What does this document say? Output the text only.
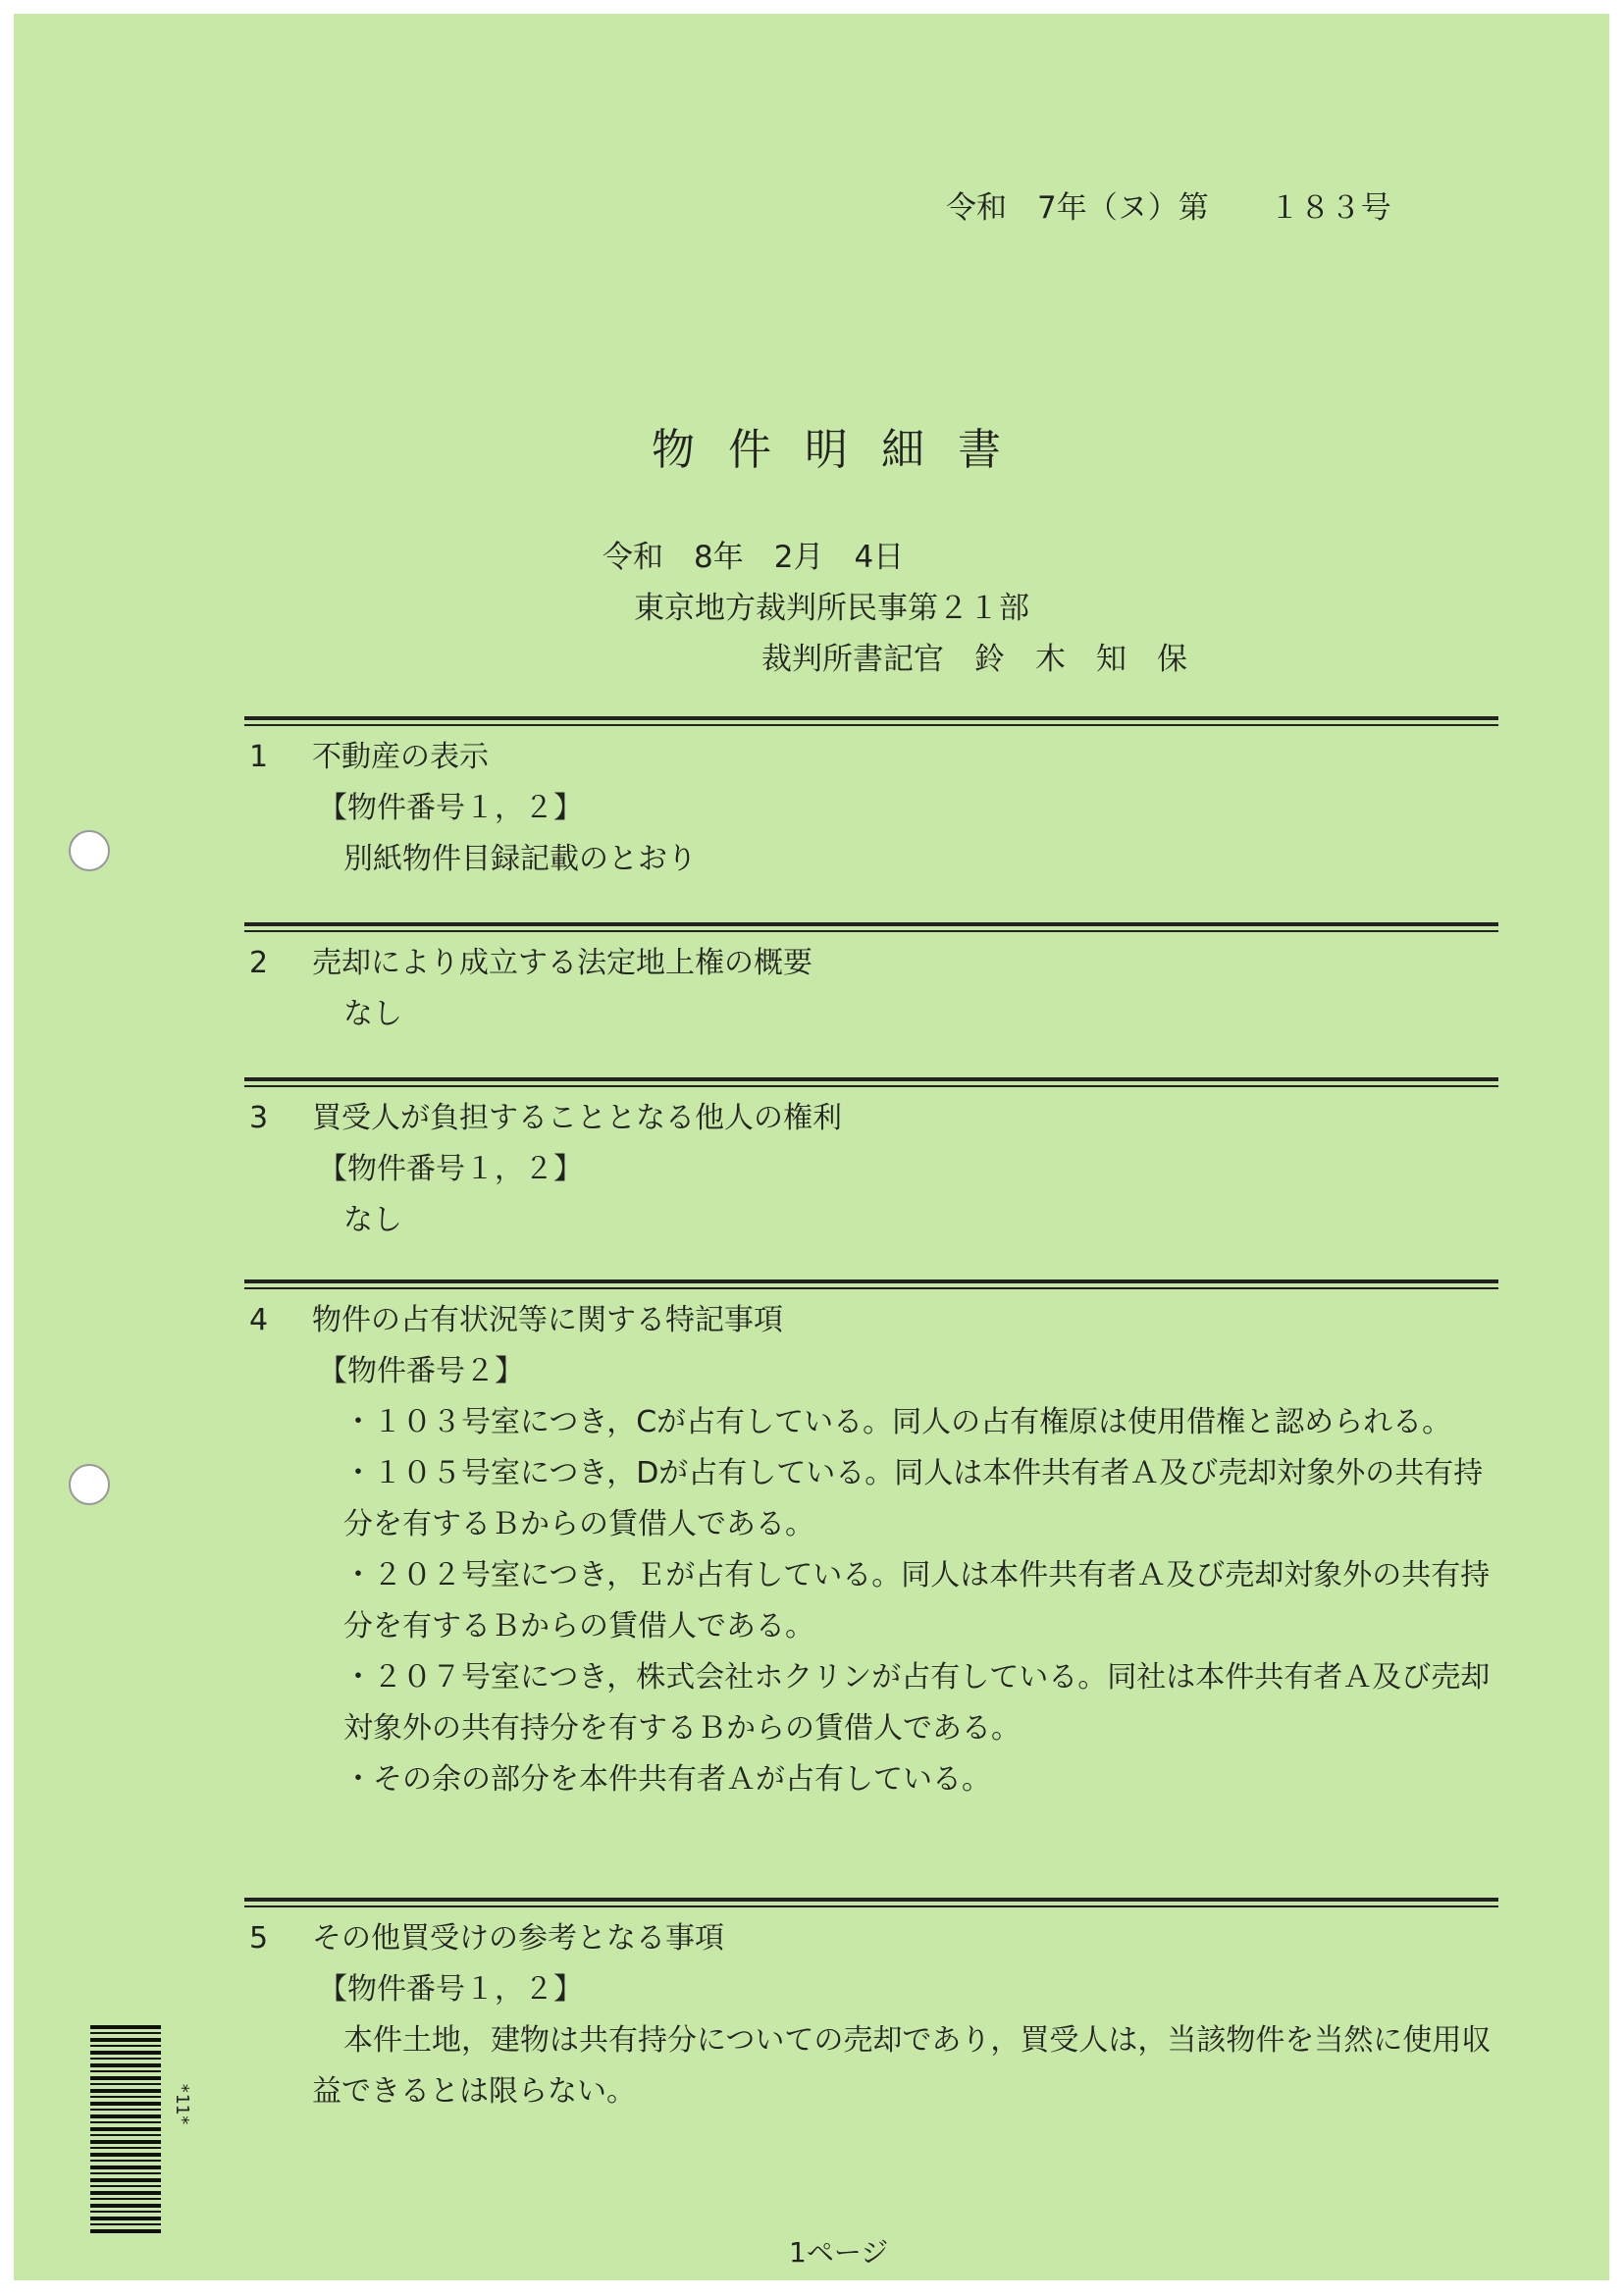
令和　7年（ヌ）第　　１８３号
物件明細書
令和　8年　2月　4日
東京地方裁判所民事第２１部
裁判所書記官　鈴　木　知　保
1 不動産の表示
【物件番号１，２】
別紙物件目録記載のとおり
2 売却により成立する法定地上権の概要
なし
3 買受人が負担することとなる他人の権利
【物件番号１，２】
なし
4 物件の占有状況等に関する特記事項
【物件番号２】
・１０３号室につき，Cが占有している。同人の占有権原は使用借権と認められる。
・１０５号室につき，Dが占有している。同人は本件共有者Ａ及び売却対象外の共有持分を有するＢからの賃借人である。
・２０２号室につき，Ｅが占有している。同人は本件共有者Ａ及び売却対象外の共有持分を有するＢからの賃借人である。
・２０７号室につき，株式会社ホクリンが占有している。同社は本件共有者Ａ及び売却対象外の共有持分を有するＢからの賃借人である。
・その余の部分を本件共有者Ａが占有している。
5 その他買受けの参考となる事項
【物件番号１，２】
本件土地，建物は共有持分についての売却であり，買受人は，当該物件を当然に使用収益できるとは限らない。
*11*
1ページ
